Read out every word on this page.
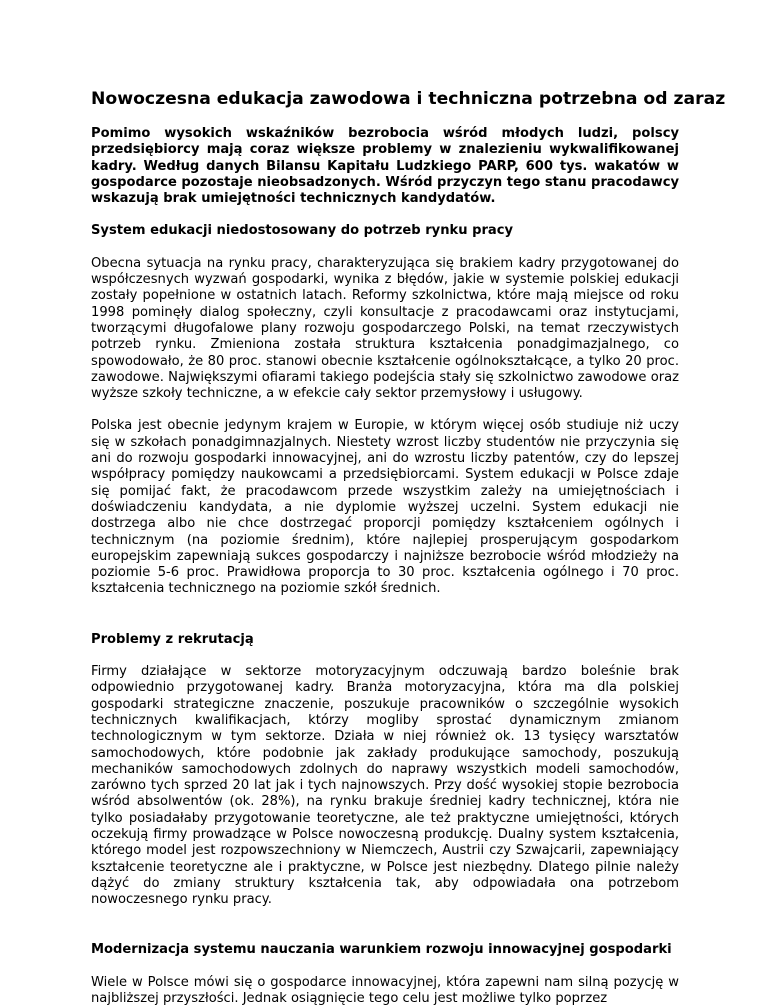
Nowoczesna edukacja zawodowa i techniczna potrzebna od zaraz

Pomimo wysokich wskaźników bezrobocia wśród młodych ludzi, polscy przedsiębiorcy mają coraz większe problemy w znalezieniu wykwalifikowanej kadry. Według danych Bilansu Kapitału Ludzkiego PARP, 600 tys. wakatów w gospodarce pozostaje nieobsadzonych. Wśród przyczyn tego stanu pracodawcy wskazują brak umiejętności technicznych kandydatów.

System edukacji niedostosowany do potrzeb rynku pracy

Obecna sytuacja na rynku pracy, charakteryzująca się brakiem kadry przygotowanej do współczesnych wyzwań gospodarki, wynika z błędów, jakie w systemie polskiej edukacji zostały popełnione w ostatnich latach. Reformy szkolnictwa, które mają miejsce od roku 1998 pominęły dialog społeczny, czyli konsultacje z pracodawcami oraz instytucjami, tworzącymi długofalowe plany rozwoju gospodarczego Polski, na temat rzeczywistych potrzeb rynku. Zmieniona została struktura kształcenia ponadgimazjalnego, co spowodowało, że 80 proc. stanowi obecnie kształcenie ogólnokształcące, a tylko 20 proc. zawodowe. Największymi ofiarami takiego podejścia stały się szkolnictwo zawodowe oraz wyższe szkoły techniczne, a w efekcie cały sektor przemysłowy i usługowy.

Polska jest obecnie jedynym krajem w Europie, w którym więcej osób studiuje niż uczy się w szkołach ponadgimnazjalnych. Niestety wzrost liczby studentów nie przyczynia się ani do rozwoju gospodarki innowacyjnej, ani do wzrostu liczby patentów, czy do lepszej współpracy pomiędzy naukowcami a przedsiębiorcami. System edukacji w Polsce zdaje się pomijać fakt, że pracodawcom przede wszystkim zależy na umiejętnościach i doświadczeniu kandydata, a nie dyplomie wyższej uczelni. System edukacji nie dostrzega albo nie chce dostrzegać proporcji pomiędzy kształceniem ogólnych i technicznym (na poziomie średnim), które najlepiej prosperującym gospodarkom europejskim zapewniają sukces gospodarczy i najniższe bezrobocie wśród młodzieży na poziomie 5-6 proc. Prawidłowa proporcja to 30 proc. kształcenia ogólnego i 70 proc. kształcenia technicznego na poziomie szkół średnich.

Problemy z rekrutacją

Firmy działające w sektorze motoryzacyjnym odczuwają bardzo boleśnie brak odpowiednio przygotowanej kadry. Branża motoryzacyjna, która ma dla polskiej gospodarki strategiczne znaczenie, poszukuje pracowników o szczególnie wysokich technicznych kwalifikacjach, którzy mogliby sprostać dynamicznym zmianom technologicznym w tym sektorze. Działa w niej również ok. 13 tysięcy warsztatów samochodowych, które podobnie jak zakłady produkujące samochody, poszukują mechaników samochodowych zdolnych do naprawy wszystkich modeli samochodów, zarówno tych sprzed 20 lat jak i tych najnowszych. Przy dość wysokiej stopie bezrobocia wśród absolwentów (ok. 28%), na rynku brakuje średniej kadry technicznej, która nie tylko posiadałaby przygotowanie teoretyczne, ale też praktyczne umiejętności, których oczekują firmy prowadzące w Polsce nowoczesną produkcję. Dualny system kształcenia, którego model jest rozpowszechniony w Niemczech, Austrii czy Szwajcarii, zapewniający kształcenie teoretyczne ale i praktyczne, w Polsce jest niezbędny. Dlatego pilnie należy dążyć do zmiany struktury kształcenia tak, aby odpowiadała ona potrzebom nowoczesnego rynku pracy.

Modernizacja systemu nauczania warunkiem rozwoju innowacyjnej gospodarki

Wiele w Polsce mówi się o gospodarce innowacyjnej, która zapewni nam silną pozycję w najbliższej przyszłości. Jednak osiągnięcie tego celu jest możliwe tylko poprzez
